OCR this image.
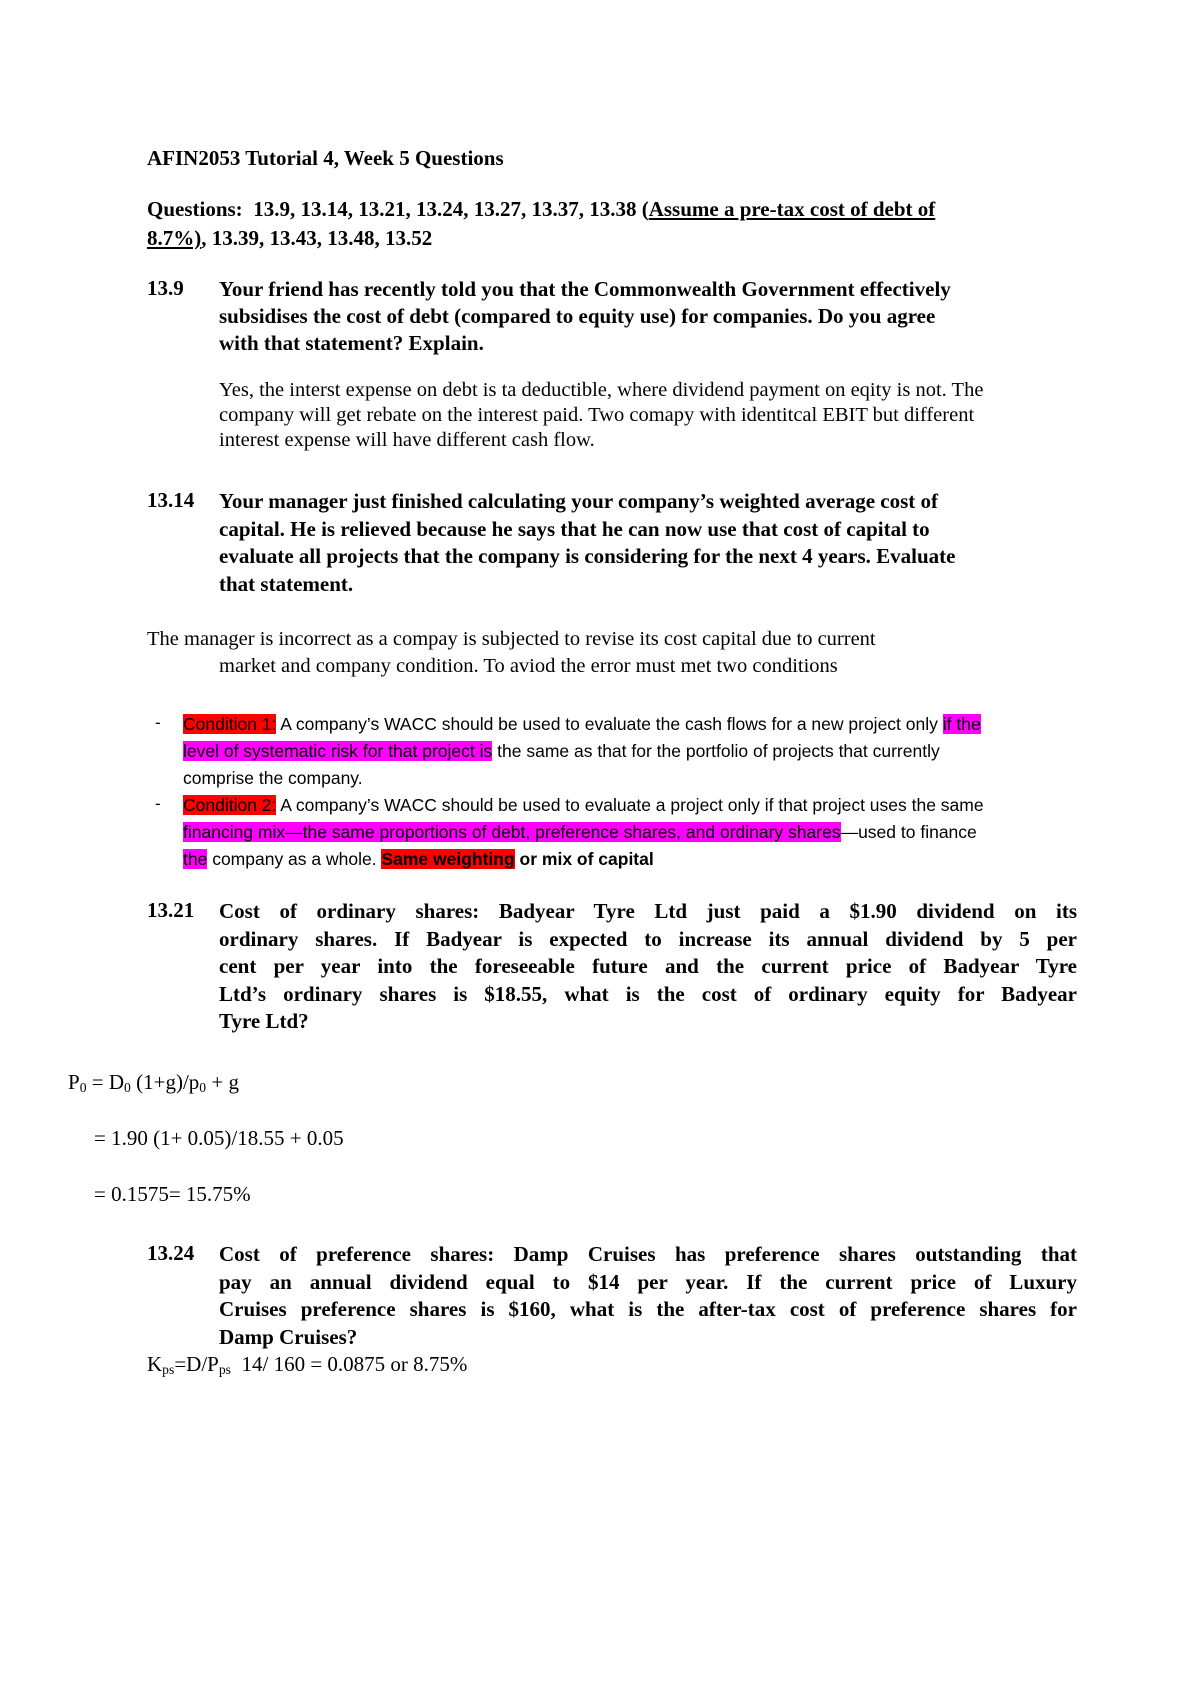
AFIN2053 Tutorial 4, Week 5 Questions
Questions: 13.9, 13.14, 13.21, 13.24, 13.27, 13.37, 13.38 (Assume a pre-tax cost of debt of
8.7%), 13.39, 13.43, 13.48, 13.52
13.9 Your friend has recently told you that the Commonwealth Government effectively
subsidises the cost of debt (compared to equity use) for companies. Do you agree
with that statement? Explain.
Yes, the interst expense on debt is ta deductible, where dividend payment on eqity is not. The
company will get rebate on the interest paid. Two comapy with identitcal EBIT but different
interest expense will have different cash flow.
13.14 Your manager just finished calculating your company’s weighted average cost of
capital. He is relieved because he says that he can now use that cost of capital to
evaluate all projects that the company is considering for the next 4 years. Evaluate
that statement.
The manager is incorrect as a compay is subjected to revise its cost capital due to current
market and company condition. To aviod the error must met two conditions
- Condition 1: A company’s WACC should be used to evaluate the cash flows for a new project only if the
level of systematic risk for that project is the same as that for the portfolio of projects that currently
comprise the company.
- Condition 2: A company’s WACC should be used to evaluate a project only if that project uses the same
financing mix—the same proportions of debt, preference shares, and ordinary shares—used to finance
the company as a whole. Same weighting or mix of capital
13.21 Cost of ordinary shares: Badyear Tyre Ltd just paid a $1.90 dividend on its
ordinary shares. If Badyear is expected to increase its annual dividend by 5 per
cent per year into the foreseeable future and the current price of Badyear Tyre
Ltd’s ordinary shares is $18.55, what is the cost of ordinary equity for Badyear
Tyre Ltd?
$P_0 = D_0$ $(1+g)/p_0 + g$
= 1.90 (1+ 0.05)/18.55 + 0.05
= 0.1575= 15.75%
13.24 Cost of preference shares: Damp Cruises has preference shares outstanding that
pay an annual dividend equal to $14 per year. If the current price of Luxury
Cruises preference shares is $160, what is the after-tax cost of preference shares for
Damp Cruises?
$K_{ps}=D/P_{ps}$  14/ 160 = 0.0875 or 8.75%
